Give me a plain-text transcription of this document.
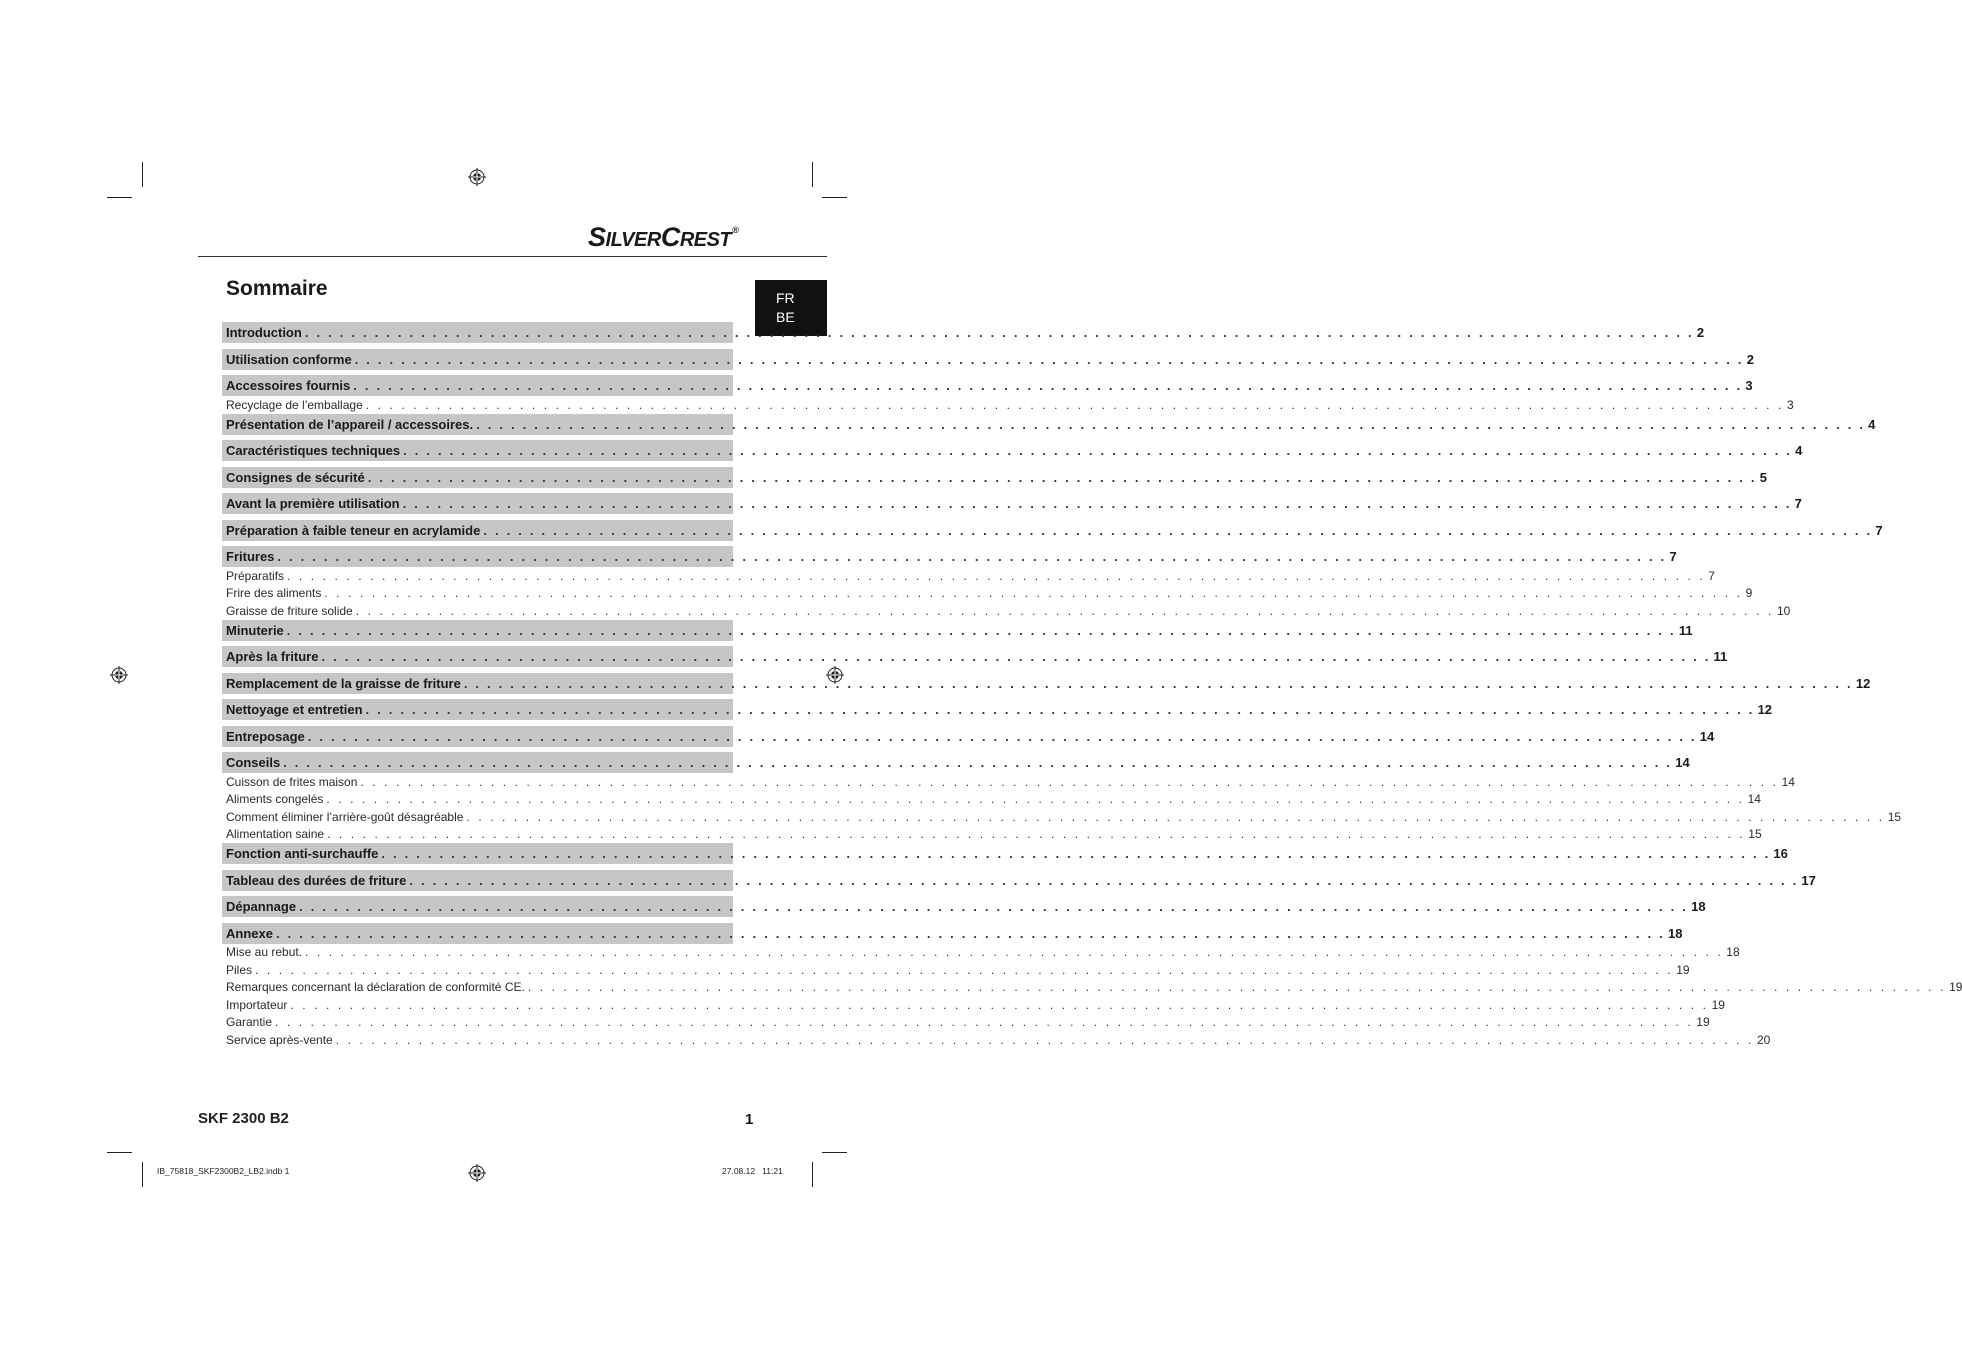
SILVERCREST®
Sommaire	FR
BE
Introduction . . . . . . . . . . . . . . . . . . . . . . . . . . . . . . . . . . . . . . . . . . . . . . . . . . . . . . . . . . . . . . . . . . . . . . . . . . . . . . . . . . . . . . . . . . . . . . . . . . . . . . . . . . . . . . . . . . . . . . . . 2
Utilisation conforme . . . . . . . . . . . . . . . . . . . . . . . . . . . . . . . . . . . . . . . . . . . . . . . . . . . . . . . . . . . . . . . . . . . . . . . . . . . . . . . . . . . . . . . . . . . . . . . . . . . . . . . . . . . . . . . . . . . . . . . . 2
Accessoires fournis . . . . . . . . . . . . . . . . . . . . . . . . . . . . . . . . . . . . . . . . . . . . . . . . . . . . . . . . . . . . . . . . . . . . . . . . . . . . . . . . . . . . . . . . . . . . . . . . . . . . . . . . . . . . . . . . . . . . . . . . 3
Recyclage de l’emballage . . . . . . . . . . . . . . . . . . . . . . . . . . . . . . . . . . . . . . . . . . . . . . . . . . . . . . . . . . . . . . . . . . . . . . . . . . . . . . . . . . . . . . . . . . . . . . . . . . . . . . . . . . . . . . . . . . . . . . . . 3
Présentation de l’appareil / accessoires. . . . . . . . . . . . . . . . . . . . . . . . . . . . . . . . . . . . . . . . . . . . . . . . . . . . . . . . . . . . . . . . . . . . . . . . . . . . . . . . . . . . . . . . . . . . . . . . . . . . . . . . . . . . . . . . . . . . . . . . . 4
Caractéristiques techniques . . . . . . . . . . . . . . . . . . . . . . . . . . . . . . . . . . . . . . . . . . . . . . . . . . . . . . . . . . . . . . . . . . . . . . . . . . . . . . . . . . . . . . . . . . . . . . . . . . . . . . . . . . . . . . . . . . . . . . . . 4
Consignes de sécurité . . . . . . . . . . . . . . . . . . . . . . . . . . . . . . . . . . . . . . . . . . . . . . . . . . . . . . . . . . . . . . . . . . . . . . . . . . . . . . . . . . . . . . . . . . . . . . . . . . . . . . . . . . . . . . . . . . . . . . . . 5
Avant la première utilisation . . . . . . . . . . . . . . . . . . . . . . . . . . . . . . . . . . . . . . . . . . . . . . . . . . . . . . . . . . . . . . . . . . . . . . . . . . . . . . . . . . . . . . . . . . . . . . . . . . . . . . . . . . . . . . . . . . . . . . . . 7
Préparation à faible teneur en acrylamide . . . . . . . . . . . . . . . . . . . . . . . . . . . . . . . . . . . . . . . . . . . . . . . . . . . . . . . . . . . . . . . . . . . . . . . . . . . . . . . . . . . . . . . . . . . . . . . . . . . . . . . . . . . . . . . . . . . . . . . . 7
Fritures . . . . . . . . . . . . . . . . . . . . . . . . . . . . . . . . . . . . . . . . . . . . . . . . . . . . . . . . . . . . . . . . . . . . . . . . . . . . . . . . . . . . . . . . . . . . . . . . . . . . . . . . . . . . . . . . . . . . . . . . 7
Préparatifs . . . . . . . . . . . . . . . . . . . . . . . . . . . . . . . . . . . . . . . . . . . . . . . . . . . . . . . . . . . . . . . . . . . . . . . . . . . . . . . . . . . . . . . . . . . . . . . . . . . . . . . . . . . . . . . . . . . . . . . . 7
Frire des aliments . . . . . . . . . . . . . . . . . . . . . . . . . . . . . . . . . . . . . . . . . . . . . . . . . . . . . . . . . . . . . . . . . . . . . . . . . . . . . . . . . . . . . . . . . . . . . . . . . . . . . . . . . . . . . . . . . . . . . . . . 9
Graisse de friture solide . . . . . . . . . . . . . . . . . . . . . . . . . . . . . . . . . . . . . . . . . . . . . . . . . . . . . . . . . . . . . . . . . . . . . . . . . . . . . . . . . . . . . . . . . . . . . . . . . . . . . . . . . . . . . . . . . . . . . . . . 10
Minuterie . . . . . . . . . . . . . . . . . . . . . . . . . . . . . . . . . . . . . . . . . . . . . . . . . . . . . . . . . . . . . . . . . . . . . . . . . . . . . . . . . . . . . . . . . . . . . . . . . . . . . . . . . . . . . . . . . . . . . . . . 11
Après la friture . . . . . . . . . . . . . . . . . . . . . . . . . . . . . . . . . . . . . . . . . . . . . . . . . . . . . . . . . . . . . . . . . . . . . . . . . . . . . . . . . . . . . . . . . . . . . . . . . . . . . . . . . . . . . . . . . . . . . . . . 11
Remplacement de la graisse de friture . . . . . . . . . . . . . . . . . . . . . . . . . . . . . . . . . . . . . . . . . . . . . . . . . . . . . . . . . . . . . . . . . . . . . . . . . . . . . . . . . . . . . . . . . . . . . . . . . . . . . . . . . . . . . . . . . . . . . . . . 12
Nettoyage et entretien . . . . . . . . . . . . . . . . . . . . . . . . . . . . . . . . . . . . . . . . . . . . . . . . . . . . . . . . . . . . . . . . . . . . . . . . . . . . . . . . . . . . . . . . . . . . . . . . . . . . . . . . . . . . . . . . . . . . . . . . 12
Entreposage . . . . . . . . . . . . . . . . . . . . . . . . . . . . . . . . . . . . . . . . . . . . . . . . . . . . . . . . . . . . . . . . . . . . . . . . . . . . . . . . . . . . . . . . . . . . . . . . . . . . . . . . . . . . . . . . . . . . . . . . 14
Conseils . . . . . . . . . . . . . . . . . . . . . . . . . . . . . . . . . . . . . . . . . . . . . . . . . . . . . . . . . . . . . . . . . . . . . . . . . . . . . . . . . . . . . . . . . . . . . . . . . . . . . . . . . . . . . . . . . . . . . . . . 14
Cuisson de frites maison . . . . . . . . . . . . . . . . . . . . . . . . . . . . . . . . . . . . . . . . . . . . . . . . . . . . . . . . . . . . . . . . . . . . . . . . . . . . . . . . . . . . . . . . . . . . . . . . . . . . . . . . . . . . . . . . . . . . . . . . 14
Aliments congelés . . . . . . . . . . . . . . . . . . . . . . . . . . . . . . . . . . . . . . . . . . . . . . . . . . . . . . . . . . . . . . . . . . . . . . . . . . . . . . . . . . . . . . . . . . . . . . . . . . . . . . . . . . . . . . . . . . . . . . . . 14
Comment éliminer l’arrière-goût désagréable . . . . . . . . . . . . . . . . . . . . . . . . . . . . . . . . . . . . . . . . . . . . . . . . . . . . . . . . . . . . . . . . . . . . . . . . . . . . . . . . . . . . . . . . . . . . . . . . . . . . . . . . . . . . . . . . . . . . . . . . 15
Alimentation saine . . . . . . . . . . . . . . . . . . . . . . . . . . . . . . . . . . . . . . . . . . . . . . . . . . . . . . . . . . . . . . . . . . . . . . . . . . . . . . . . . . . . . . . . . . . . . . . . . . . . . . . . . . . . . . . . . . . . . . . . 15
Fonction anti-surchauffe . . . . . . . . . . . . . . . . . . . . . . . . . . . . . . . . . . . . . . . . . . . . . . . . . . . . . . . . . . . . . . . . . . . . . . . . . . . . . . . . . . . . . . . . . . . . . . . . . . . . . . . . . . . . . . . . . . . . . . . . 16
Tableau des durées de friture . . . . . . . . . . . . . . . . . . . . . . . . . . . . . . . . . . . . . . . . . . . . . . . . . . . . . . . . . . . . . . . . . . . . . . . . . . . . . . . . . . . . . . . . . . . . . . . . . . . . . . . . . . . . . . . . . . . . . . . . 17
Dépannage . . . . . . . . . . . . . . . . . . . . . . . . . . . . . . . . . . . . . . . . . . . . . . . . . . . . . . . . . . . . . . . . . . . . . . . . . . . . . . . . . . . . . . . . . . . . . . . . . . . . . . . . . . . . . . . . . . . . . . . . 18
Annexe . . . . . . . . . . . . . . . . . . . . . . . . . . . . . . . . . . . . . . . . . . . . . . . . . . . . . . . . . . . . . . . . . . . . . . . . . . . . . . . . . . . . . . . . . . . . . . . . . . . . . . . . . . . . . . . . . . . . . . . . 18
Mise au rebut. . . . . . . . . . . . . . . . . . . . . . . . . . . . . . . . . . . . . . . . . . . . . . . . . . . . . . . . . . . . . . . . . . . . . . . . . . . . . . . . . . . . . . . . . . . . . . . . . . . . . . . . . . . . . . . . . . . . . . . . . 18
Piles . . . . . . . . . . . . . . . . . . . . . . . . . . . . . . . . . . . . . . . . . . . . . . . . . . . . . . . . . . . . . . . . . . . . . . . . . . . . . . . . . . . . . . . . . . . . . . . . . . . . . . . . . . . . . . . . . . . . . . . . 19
Remarques concernant la déclaration de conformité CE. . . . . . . . . . . . . . . . . . . . . . . . . . . . . . . . . . . . . . . . . . . . . . . . . . . . . . . . . . . . . . . . . . . . . . . . . . . . . . . . . . . . . . . . . . . . . . . . . . . . . . . . . . . . . . . . . . . . . . . . . 19
Importateur . . . . . . . . . . . . . . . . . . . . . . . . . . . . . . . . . . . . . . . . . . . . . . . . . . . . . . . . . . . . . . . . . . . . . . . . . . . . . . . . . . . . . . . . . . . . . . . . . . . . . . . . . . . . . . . . . . . . . . . . 19
Garantie . . . . . . . . . . . . . . . . . . . . . . . . . . . . . . . . . . . . . . . . . . . . . . . . . . . . . . . . . . . . . . . . . . . . . . . . . . . . . . . . . . . . . . . . . . . . . . . . . . . . . . . . . . . . . . . . . . . . . . . . 19
Service après-vente . . . . . . . . . . . . . . . . . . . . . . . . . . . . . . . . . . . . . . . . . . . . . . . . . . . . . . . . . . . . . . . . . . . . . . . . . . . . . . . . . . . . . . . . . . . . . . . . . . . . . . . . . . . . . . . . . . . . . . . . 20
SKF 2300 B2	1
IB_75818_SKF2300B2_LB2.indb 1	27.08.12   11:21
